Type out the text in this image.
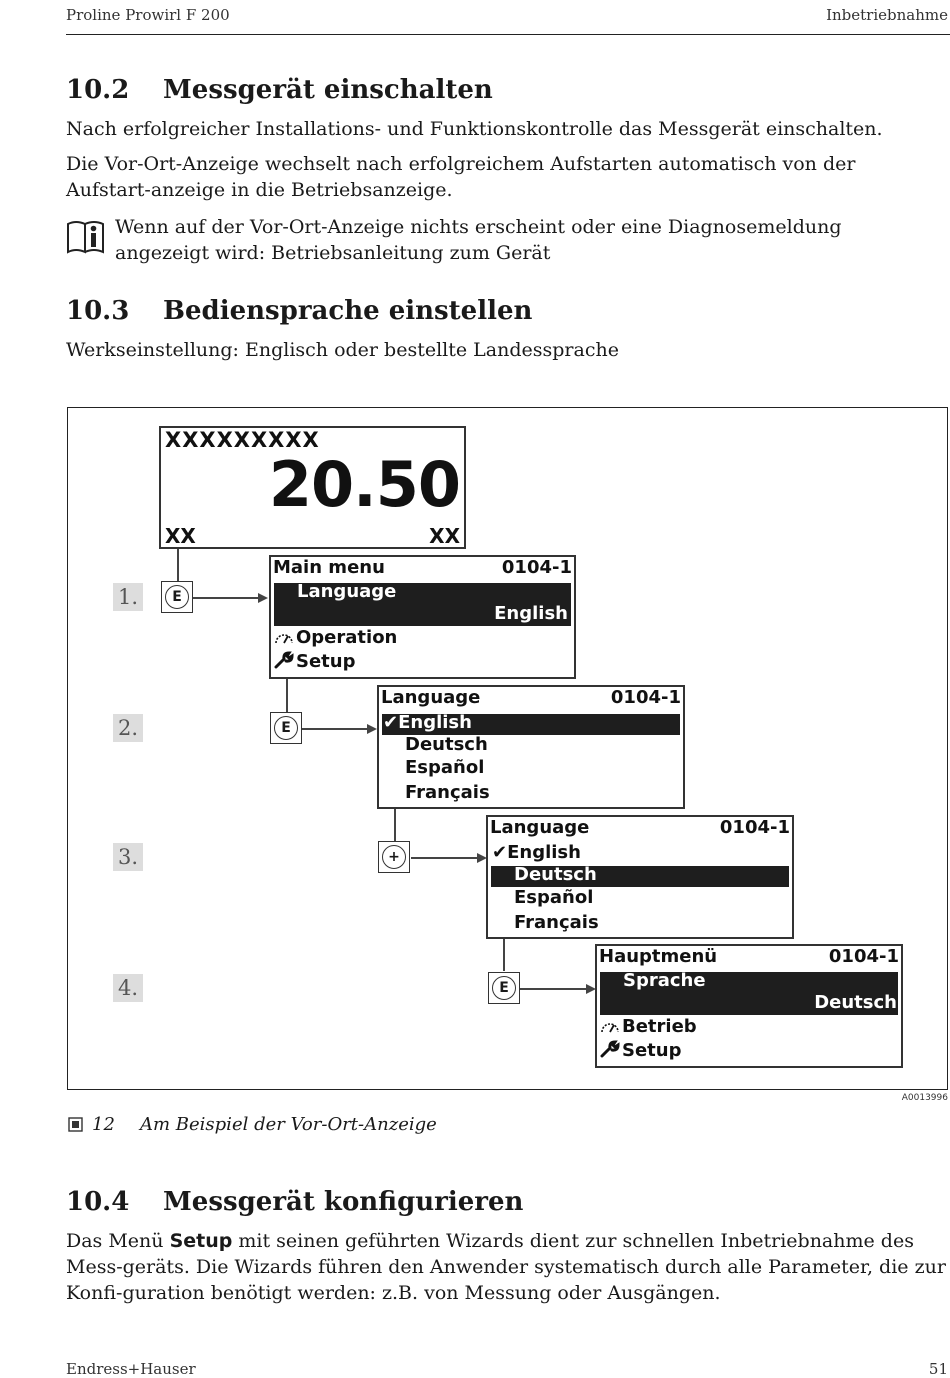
Proline Prowirl F 200	Inbetriebnahme
10.2 Messgerät einschalten
Nach erfolgreicher Installations- und Funktionskontrolle das Messgerät einschalten.
Die Vor-Ort-Anzeige wechselt nach erfolgreichem Aufstarten automatisch von der Aufstart-anzeige in die Betriebsanzeige.
Wenn auf der Vor-Ort-Anzeige nichts erscheint oder eine Diagnosemeldung angezeigt wird: Betriebsanleitung zum Gerät
10.3 Bediensprache einstellen
Werkseinstellung: Englisch oder bestellte Landessprache
XXXXXXXXX
20.50
XX	XX
1.
2.
3.
4.
E
E
+
E
Main menu	0104-1
Language
English
Operation
Setup
Language	0104-1
✔English
Deutsch
Español
Français
Language	0104-1
✔English
Deutsch
Español
Français
Hauptmenü	0104-1
Sprache
Deutsch
Betrieb
Setup
A0013996
12 Am Beispiel der Vor-Ort-Anzeige
10.4 Messgerät konfigurieren
Das Menü Setup mit seinen geführten Wizards dient zur schnellen Inbetriebnahme des Mess-geräts. Die Wizards führen den Anwender systematisch durch alle Parameter, die zur Konfi-guration benötigt werden: z.B. von Messung oder Ausgängen.
Endress+Hauser	51
